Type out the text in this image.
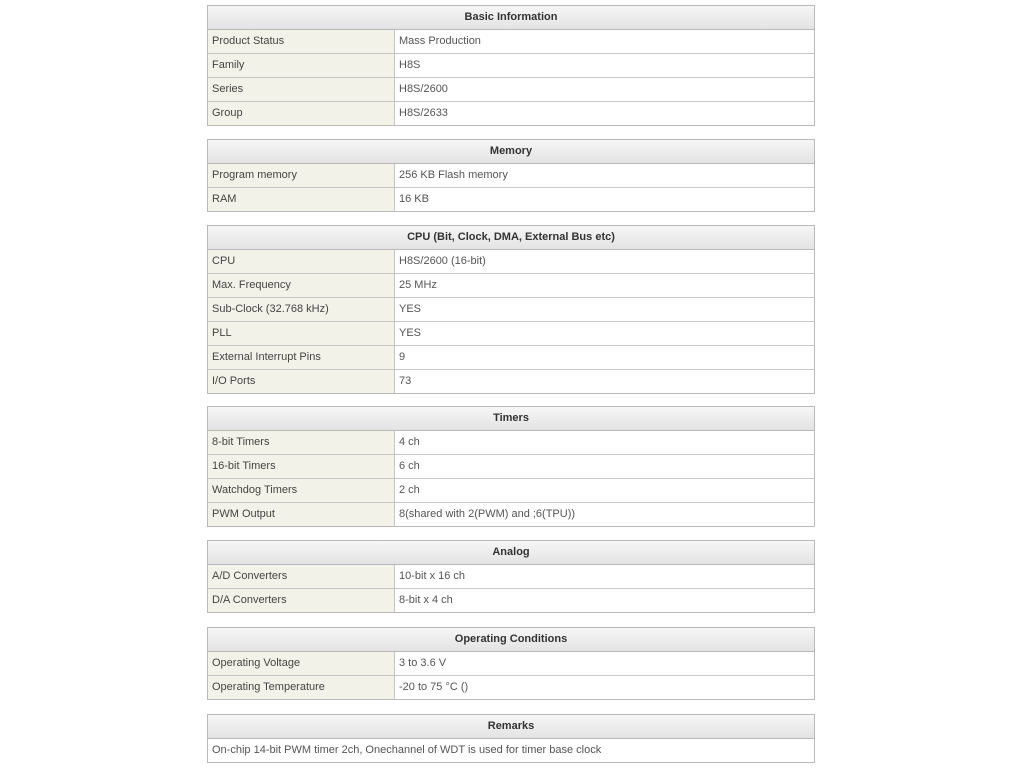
Basic Information
Product Status	Mass Production
Family	H8S
Series	H8S/2600
Group	H8S/2633
Memory
Program memory	256 KB Flash memory
RAM	16 KB
CPU (Bit, Clock, DMA, External Bus etc)
CPU	H8S/2600 (16-bit)
Max. Frequency	25 MHz
Sub-Clock (32.768 kHz)	YES
PLL	YES
External Interrupt Pins	9
I/O Ports	73
Timers
8-bit Timers	4 ch
16-bit Timers	6 ch
Watchdog Timers	2 ch
PWM Output	8(shared with 2(PWM) and ;6(TPU))
Analog
A/D Converters	10-bit x 16 ch
D/A Converters	8-bit x 4 ch
Operating Conditions
Operating Voltage	3 to 3.6 V
Operating Temperature	-20 to 75 °C ()
Remarks
On-chip 14-bit PWM timer 2ch, Onechannel of WDT is used for timer base clock
